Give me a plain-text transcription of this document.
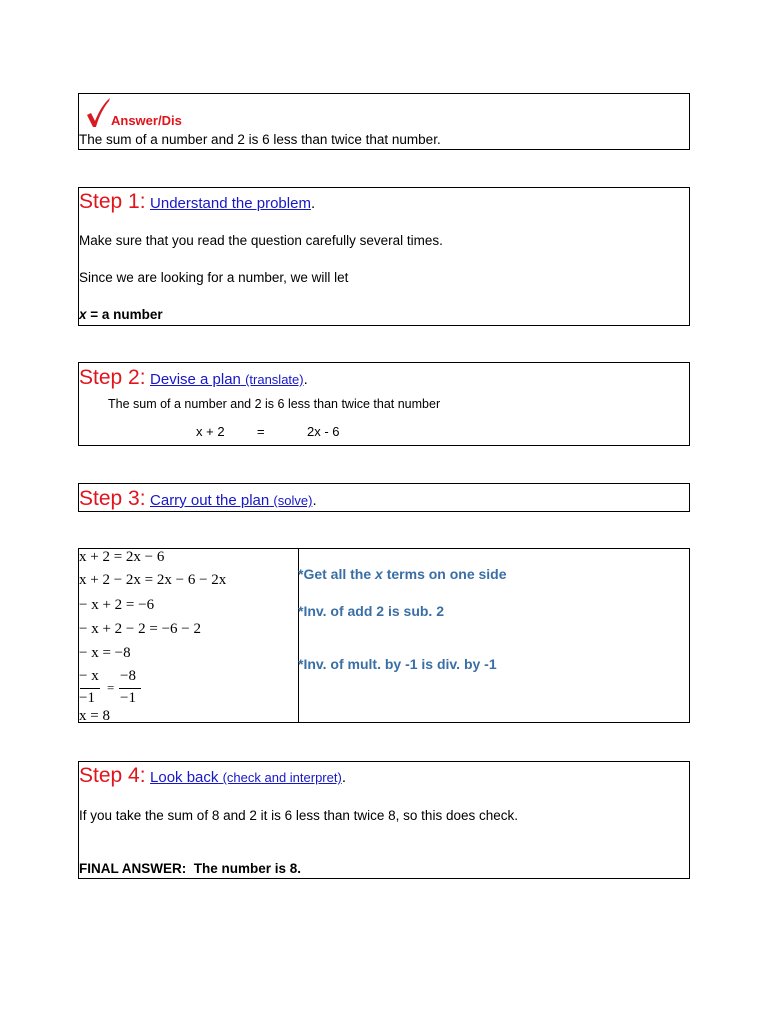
Answer/Dis
The sum of a number and 2 is 6 less than twice that number.
Step 1: Understand the problem.
Make sure that you read the question carefully several times.
Since we are looking for a number, we will let
x = a number
Step 2: Devise a plan (translate).
The sum of a number and 2 is 6 less than twice that number
x + 2 =	2x - 6
Step 3: Carry out the plan (solve).
x + 2 = 2x − 6
x + 2 − 2x = 2x − 6 − 2x
− x + 2 = −6
− x + 2 − 2 = −6 − 2
− x = −8
− x
−1
=
−8
−1
x = 8
*Get all the x terms on one side
*Inv. of add 2 is sub. 2
*Inv. of mult. by -1 is div. by -1
Step 4: Look back (check and interpret).
If you take the sum of 8 and 2 it is 6 less than twice 8, so this does check.
FINAL ANSWER: The number is 8.
